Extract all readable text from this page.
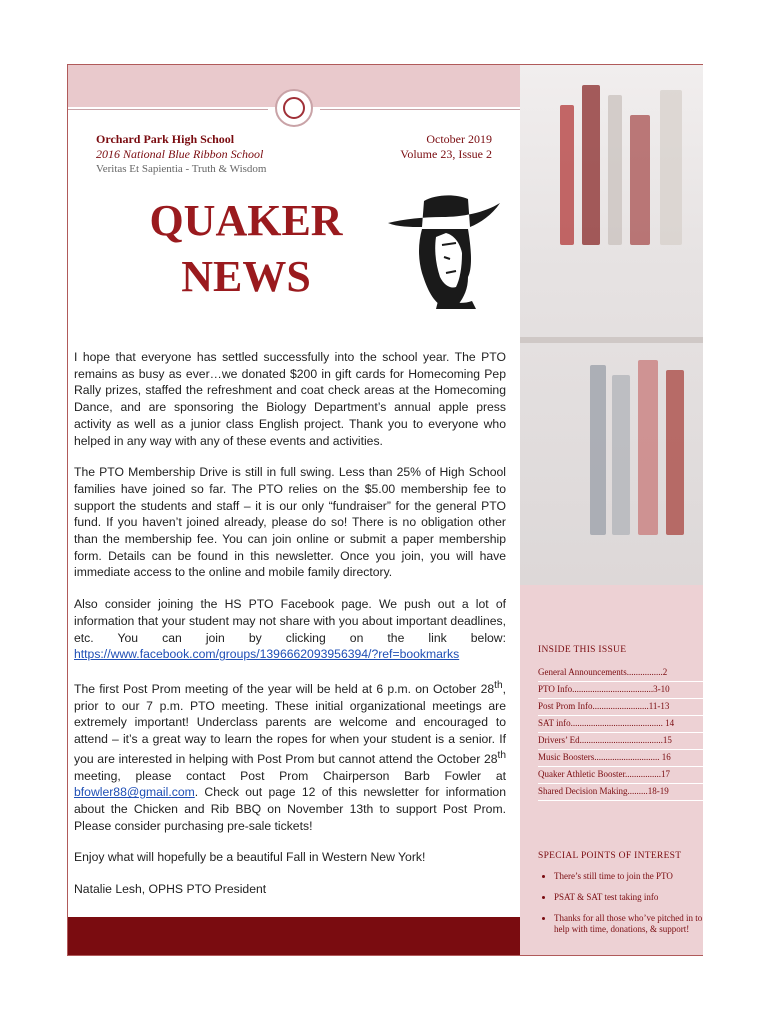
Orchard Park High School
2016 National Blue Ribbon School
Veritas Et Sapientia - Truth & Wisdom
October 2019
Volume 23, Issue 2
QUAKER
NEWS

I hope that everyone has settled successfully into the school year. The PTO remains as busy as ever…we donated $200 in gift cards for Homecoming Pep Rally prizes, staffed the refreshment and coat check areas at the Homecoming Dance, and are sponsoring the Biology Department’s annual apple press activity as well as a junior class English project. Thank you to everyone who helped in any way with any of these events and activities.

The PTO Membership Drive is still in full swing. Less than 25% of High School families have joined so far. The PTO relies on the $5.00 membership fee to support the students and staff – it is our only “fundraiser” for the general PTO fund. If you haven’t joined already, please do so! There is no obligation other than the membership fee. You can join online or submit a paper membership form. Details can be found in this newsletter. Once you join, you will have immediate access to the online and mobile family directory.

Also consider joining the HS PTO Facebook page. We push out a lot of information that your student may not share with you about important deadlines, etc. You can join by clicking on the link below: https://www.facebook.com/groups/1396662093956394/?ref=bookmarks

The first Post Prom meeting of the year will be held at 6 p.m. on October 28th, prior to our 7 p.m. PTO meeting. These initial organizational meetings are extremely important! Underclass parents are welcome and encouraged to attend – it’s a great way to learn the ropes for when your student is a senior. If you are interested in helping with Post Prom but cannot attend the October 28th meeting, please contact Post Prom Chairperson Barb Fowler at bfowler88@gmail.com. Check out page 12 of this newsletter for information about the Chicken and Rib BBQ on November 13th to support Post Prom. Please consider purchasing pre-sale tickets!

Enjoy what will hopefully be a beautiful Fall in Western New York!

Natalie Lesh, OPHS PTO President

INSIDE THIS ISSUE
General Announcements................2
PTO Info....................................3-10
Post Prom Info.........................11-13
SAT info......................................... 14
Drivers’ Ed.....................................15
Music Boosters............................. 16
Quaker Athletic Booster................17
Shared Decision Making.........18-19
SPECIAL POINTS OF INTEREST
• There’s still time to join the PTO
• PSAT & SAT test taking info
• Thanks for all those who’ve pitched in to help with time, donations, & support!
